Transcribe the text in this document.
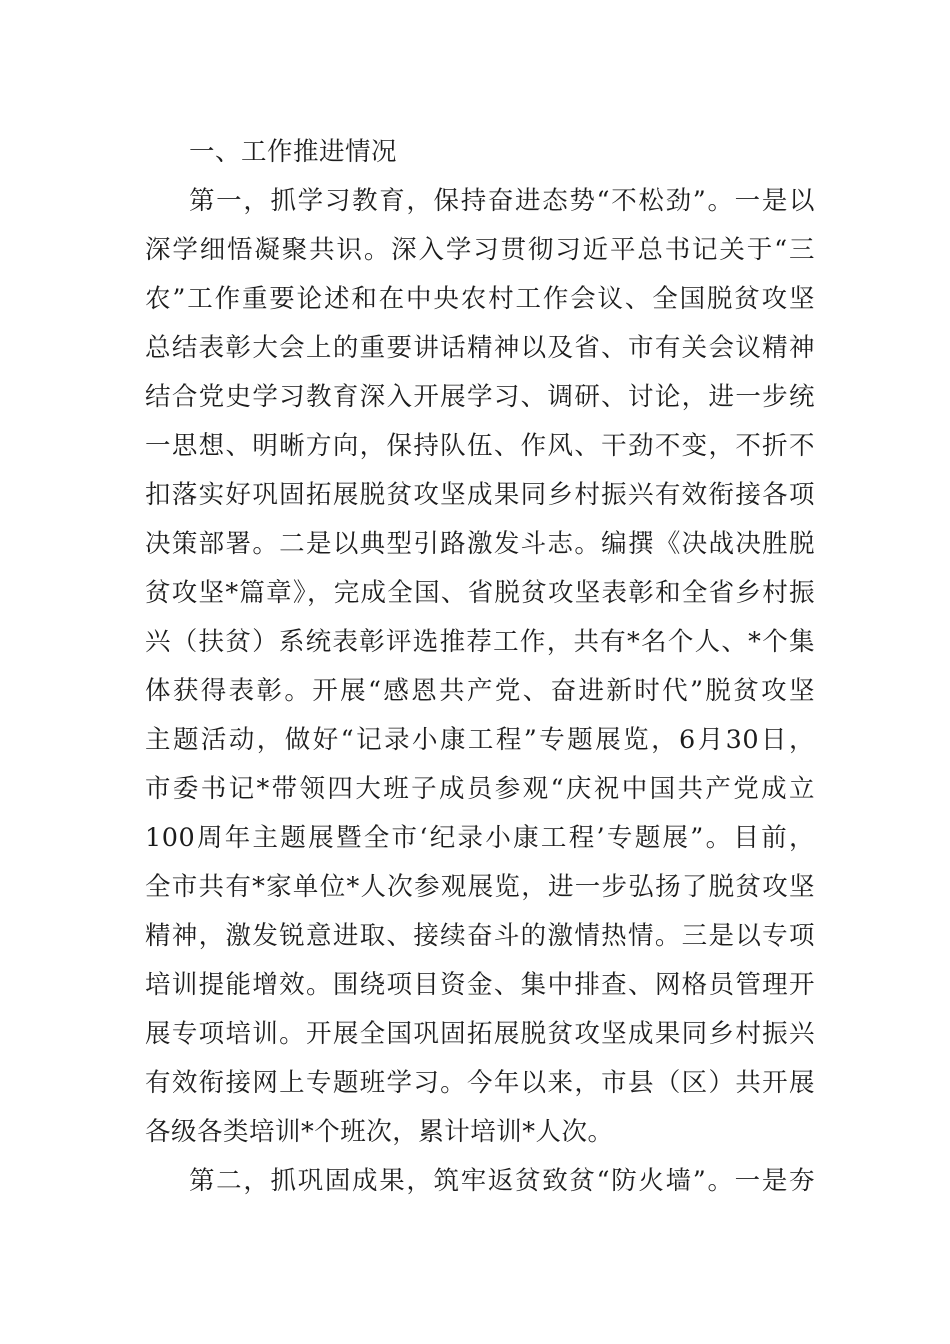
一、工作推进情况
第一，抓学习教育，保持奋进态势“不松劲”。一是以
深学细悟凝聚共识。深入学习贯彻习近平总书记关于“三
农”工作重要论述和在中央农村工作会议、全国脱贫攻坚
总结表彰大会上的重要讲话精神以及省、市有关会议精神
结合党史学习教育深入开展学习、调研、讨论，进一步统
一思想、明晰方向，保持队伍、作风、干劲不变，不折不
扣落实好巩固拓展脱贫攻坚成果同乡村振兴有效衔接各项
决策部署。二是以典型引路激发斗志。编撰《决战决胜脱
贫攻坚*篇章》，完成全国、省脱贫攻坚表彰和全省乡村振
兴（扶贫）系统表彰评选推荐工作，共有*名个人、*个集
体获得表彰。开展“感恩共产党、奋进新时代”脱贫攻坚
主题活动，做好“记录小康工程”专题展览，6月30日，
市委书记*带领四大班子成员参观“庆祝中国共产党成立
100周年主题展暨全市‘纪录小康工程’专题展”。目前，
全市共有*家单位*人次参观展览，进一步弘扬了脱贫攻坚
精神，激发锐意进取、接续奋斗的激情热情。三是以专项
培训提能增效。围绕项目资金、集中排查、网格员管理开
展专项培训。开展全国巩固拓展脱贫攻坚成果同乡村振兴
有效衔接网上专题班学习。今年以来，市县（区）共开展
各级各类培训*个班次，累计培训*人次。
第二，抓巩固成果，筑牢返贫致贫“防火墙”。一是夯
